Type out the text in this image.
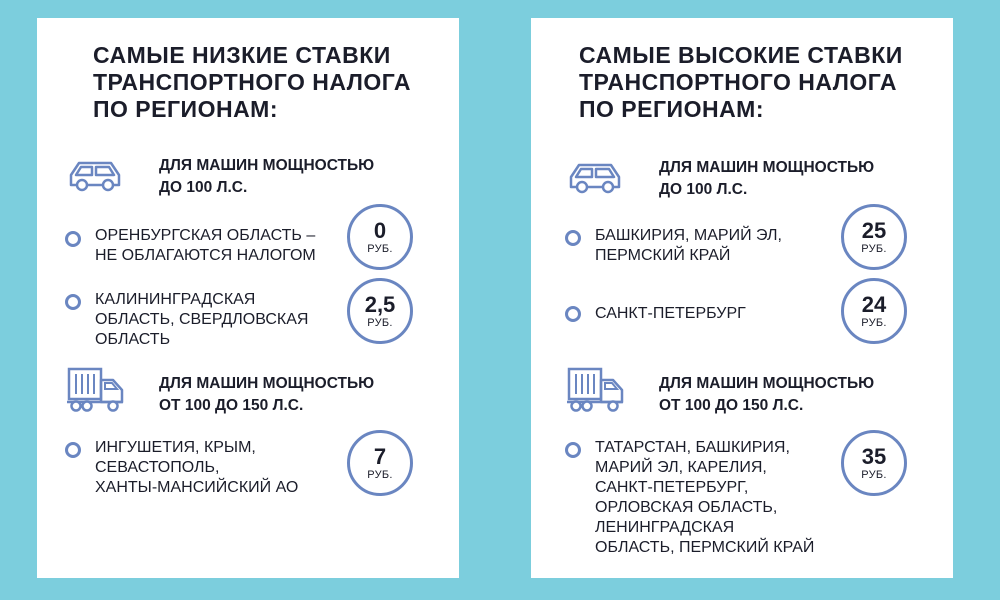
САМЫЕ НИЗКИЕ СТАВКИ
ТРАНСПОРТНОГО НАЛОГА
ПО РЕГИОНАМ:
ДЛЯ МАШИН МОЩНОСТЬЮ
ДО 100 Л.С.
ОРЕНБУРГСКАЯ ОБЛАСТЬ –
НЕ ОБЛАГАЮТСЯ НАЛОГОМ
0
РУБ.
КАЛИНИНГРАДСКАЯ
ОБЛАСТЬ, СВЕРДЛОВСКАЯ
ОБЛАСТЬ
2,5
РУБ.
ДЛЯ МАШИН МОЩНОСТЬЮ
ОТ 100 ДО 150 Л.С.
ИНГУШЕТИЯ, КРЫМ,
СЕВАСТОПОЛЬ,
ХАНТЫ-МАНСИЙСКИЙ АО
7
РУБ.
САМЫЕ ВЫСОКИЕ СТАВКИ
ТРАНСПОРТНОГО НАЛОГА
ПО РЕГИОНАМ:
ДЛЯ МАШИН МОЩНОСТЬЮ
ДО 100 Л.С.
БАШКИРИЯ, МАРИЙ ЭЛ,
ПЕРМСКИЙ КРАЙ
25
РУБ.
САНКТ-ПЕТЕРБУРГ	24
РУБ.
ДЛЯ МАШИН МОЩНОСТЬЮ
ОТ 100 ДО 150 Л.С.
ТАТАРСТАН, БАШКИРИЯ,
МАРИЙ ЭЛ, КАРЕЛИЯ,
САНКТ-ПЕТЕРБУРГ,
ОРЛОВСКАЯ ОБЛАСТЬ,
ЛЕНИНГРАДСКАЯ
ОБЛАСТЬ, ПЕРМСКИЙ КРАЙ
35
РУБ.
